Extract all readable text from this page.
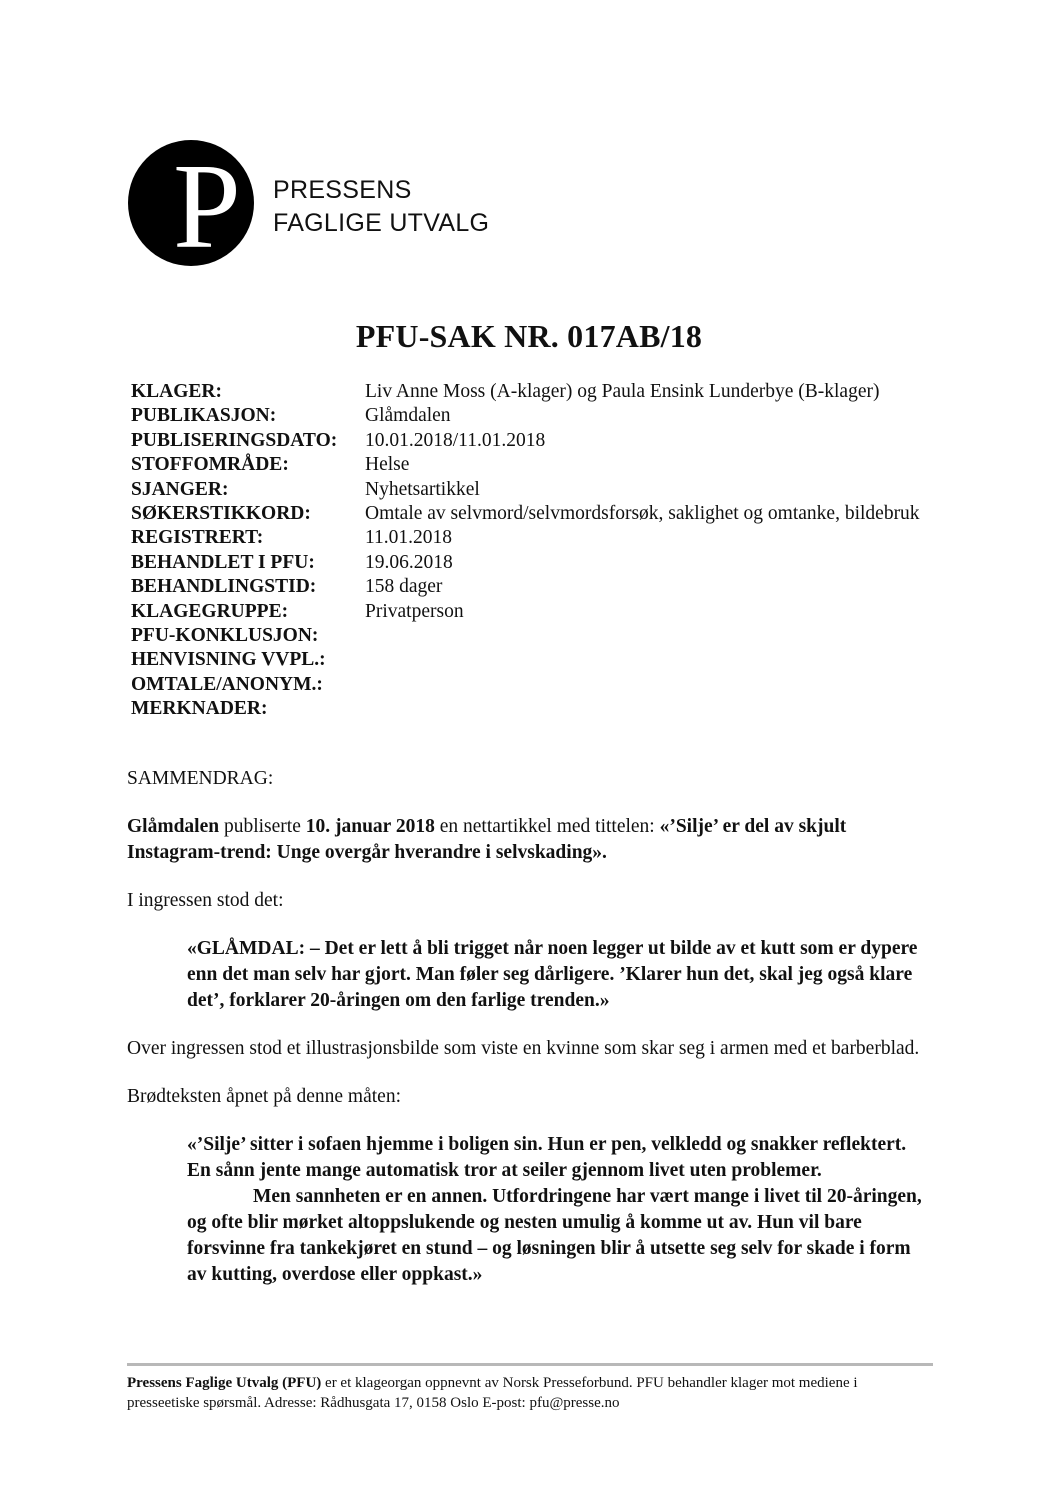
P PRESSENS
FAGLIGE UTVALG
PFU-SAK NR. 017AB/18
KLAGER:	Liv Anne Moss (A-klager) og Paula Ensink Lunderbye (B-klager)
PUBLIKASJON:	Glåmdalen
PUBLISERINGSDATO:	10.01.2018/11.01.2018
STOFFOMRÅDE:	Helse
SJANGER:	Nyhetsartikkel
SØKERSTIKKORD:	Omtale av selvmord/selvmordsforsøk, saklighet og omtanke, bildebruk
REGISTRERT:	11.01.2018
BEHANDLET I PFU:	19.06.2018
BEHANDLINGSTID:	158 dager
KLAGEGRUPPE:	Privatperson
PFU-KONKLUSJON:
HENVISNING VVPL.:
OMTALE/ANONYM.:
MERKNADER:

SAMMENDRAG:

Glåmdalen publiserte 10. januar 2018 en nettartikkel med tittelen: «’Silje’ er del av skjult Instagram-trend: Unge overgår hverandre i selvskading».

I ingressen stod det:

«GLÅMDAL: – Det er lett å bli trigget når noen legger ut bilde av et kutt som er dypere enn det man selv har gjort. Man føler seg dårligere. ’Klarer hun det, skal jeg også klare det’, forklarer 20-åringen om den farlige trenden.»

Over ingressen stod et illustrasjonsbilde som viste en kvinne som skar seg i armen med et barberblad.

Brødteksten åpnet på denne måten:

«’Silje’ sitter i sofaen hjemme i boligen sin. Hun er pen, velkledd og snakker reflektert. En sånn jente mange automatisk tror at seiler gjennom livet uten problemer.

Men sannheten er en annen. Utfordringene har vært mange i livet til 20-åringen, og ofte blir mørket altoppslukende og nesten umulig å komme ut av. Hun vil bare forsvinne fra tankekjøret en stund – og løsningen blir å utsette seg selv for skade i form av kutting, overdose eller oppkast.»

Pressens Faglige Utvalg (PFU) er et klageorgan oppnevnt av Norsk Presseforbund. PFU behandler klager mot mediene i presseetiske spørsmål. Adresse: Rådhusgata 17, 0158 Oslo E-post: pfu@presse.no
